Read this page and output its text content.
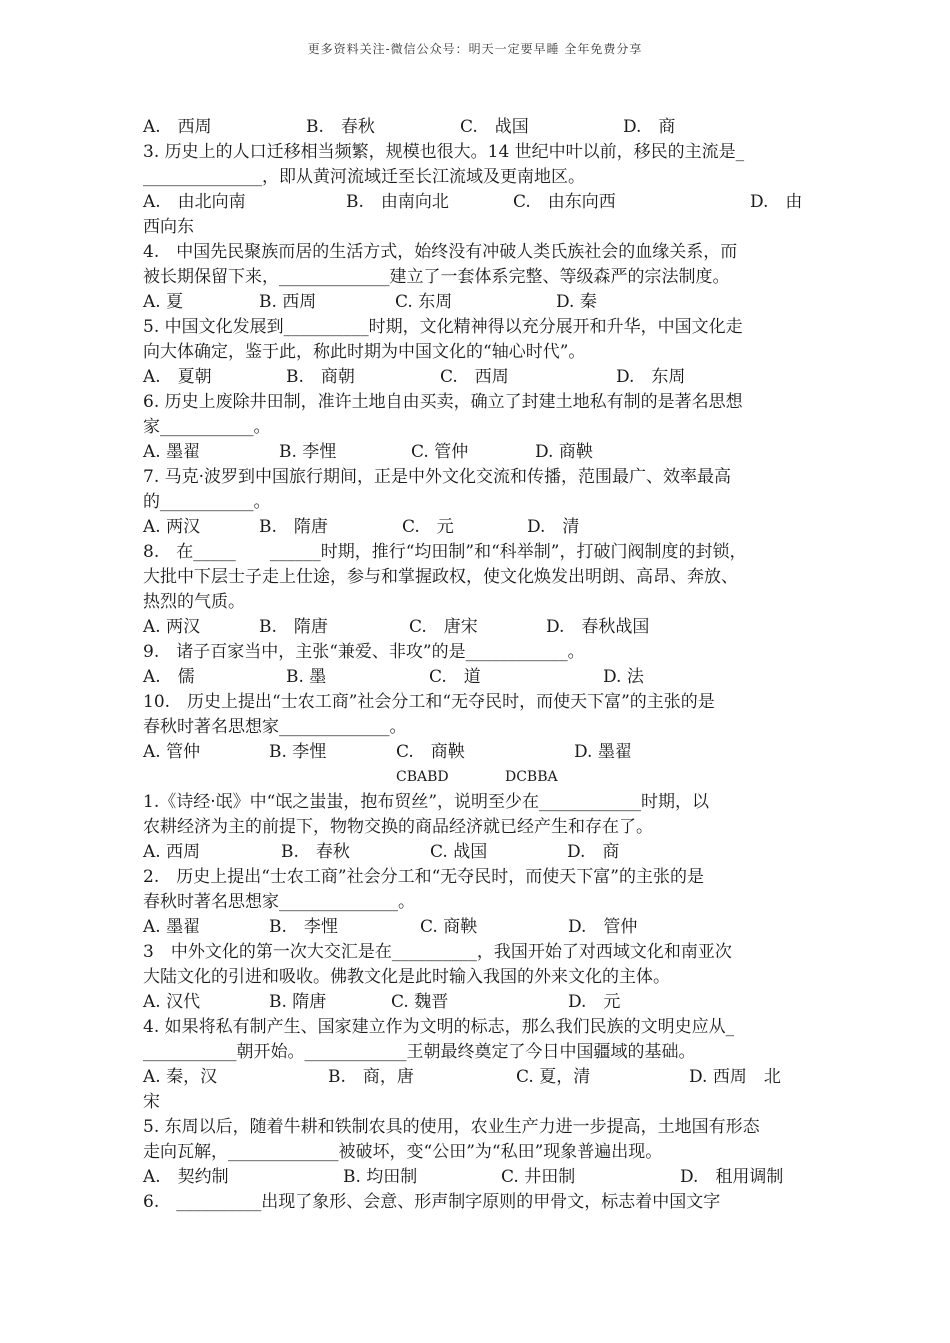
更多资料关注-微信公众号：明天一定要早睡 全年免费分享
A.　西周	B.　春秋	C.　战国	D.　商
3. 历史上的人口迁移相当频繁，规模也很大。14 世纪中叶以前，移民的主流是_
______________，即从黄河流域迁至长江流域及更南地区。
A.　由北向南	B.　由南向北	C.　由东向西	D.　由
西向东
4.　中国先民聚族而居的生活方式，始终没有冲破人类氏族社会的血缘关系，而
被长期保留下来，_____________建立了一套体系完整、等级森严的宗法制度。
A. 夏	B. 西周	C. 东周	D. 秦
5. 中国文化发展到__________时期，文化精神得以充分展开和升华，中国文化走
向大体确定，鉴于此，称此时期为中国文化的“轴心时代”。
A.　夏朝	B.　商朝	C.　西周	D.　东周
6. 历史上废除井田制，准许土地自由买卖，确立了封建土地私有制的是著名思想
家___________。
A. 墨翟	B. 李悝	C. 管仲	D. 商鞅
7. 马克·波罗到中国旅行期间，正是中外文化交流和传播，范围最广、效率最高
的___________。
A. 两汉	B.　隋唐	C.　元	D.　清
8.　在_____　　______时期，推行“均田制”和“科举制”，打破门阀制度的封锁，
大批中下层士子走上仕途，参与和掌握政权，使文化焕发出明朗、高昂、奔放、
热烈的气质。
A. 两汉	B.　隋唐	C.　唐宋	D.　春秋战国
9.　诸子百家当中，主张“兼爱、非攻”的是____________。
A.　儒	B. 墨	C.　道	D. 法
10.　历史上提出“士农工商”社会分工和“无夺民时，而使天下富”的主张的是
春秋时著名思想家_____________。
A. 管仲	B. 李悝	C.　商鞅	D. 墨翟
CBABD	DCBBA
1.《诗经·氓》中“氓之蚩蚩，抱布贸丝”，说明至少在____________时期，以
农耕经济为主的前提下，物物交换的商品经济就已经产生和存在了。
A. 西周	B.　春秋	C. 战国	D.　商
2.　历史上提出“士农工商”社会分工和“无夺民时，而使天下富”的主张的是
春秋时著名思想家______________。
A. 墨翟	B.　李悝	C. 商鞅	D.　管仲
3　中外文化的第一次大交汇是在__________，我国开始了对西域文化和南亚次
大陆文化的引进和吸收。佛教文化是此时输入我国的外来文化的主体。
A. 汉代	B. 隋唐	C. 魏晋	D.　元
4. 如果将私有制产生、国家建立作为文明的标志，那么我们民族的文明史应从_
___________朝开始。____________王朝最终奠定了今日中国疆域的基础。
A. 秦，汉	B.　商，唐	C. 夏，清	D. 西周　北
宋
5. 东周以后，随着牛耕和铁制农具的使用，农业生产力进一步提高，土地国有形态
走向瓦解，_____________被破坏，变“公田”为“私田”现象普遍出现。
A.　契约制	B. 均田制	C. 井田制	D.　租用调制
6.　__________出现了象形、会意、形声制字原则的甲骨文，标志着中国文字
